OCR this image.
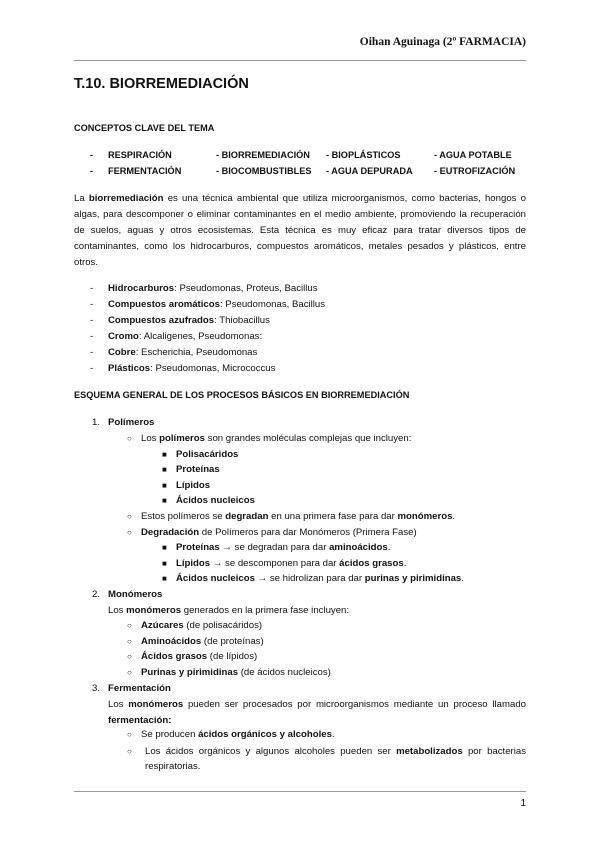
Oihan Aguinaga (2º FARMACIA)
T.10. BIORREMEDIACIÓN
CONCEPTOS CLAVE DEL TEMA
- RESPIRACIÓN	- BIORREMEDIACIÓN - BIOPLÁSTICOS	- AGUA POTABLE
- FERMENTACIÓN	- BIOCOMBUSTIBLES - AGUA DEPURADA - EUTROFIZACIÓN
La biorremediación es una técnica ambiental que utiliza microorganismos, como bacterias, hongos o algas, para descomponer o eliminar contaminantes en el medio ambiente, promoviendo la recuperación de suelos, aguas y otros ecosistemas. Esta técnica es muy eficaz para tratar diversos tipos de contaminantes, como los hidrocarburos, compuestos aromáticos, metales pesados y plásticos, entre otros.
- Hidrocarburos: Pseudomonas, Proteus, Bacillus
- Compuestos aromáticos: Pseudomonas, Bacillus
- Compuestos azufrados: Thiobacillus
- Cromo: Alcaligenes, Pseudomonas:
- Cobre: Escherichia, Pseudomonas
- Plásticos: Pseudomonas, Micrococcus
ESQUEMA GENERAL DE LOS PROCESOS BÁSICOS EN BIORREMEDIACIÓN
1. Polímeros
○ Los polímeros son grandes moléculas complejas que incluyen:
■ Polisacáridos
■ Proteínas
■ Lípidos
■ Ácidos nucleicos
○ Estos polímeros se degradan en una primera fase para dar monómeros.
○ Degradación de Polímeros para dar Monómeros (Primera Fase)
■ Proteínas → se degradan para dar aminoácidos.
■ Lípidos → se descomponen para dar ácidos grasos.
■ Ácidos nucleicos → se hidrolizan para dar purinas y pirimidinas.
2. Monómeros
Los monómeros generados en la primera fase incluyen:
○ Azúcares (de polisacáridos)
○ Aminoácidos (de proteínas)
○ Ácidos grasos (de lípidos)
○ Purinas y pirimidinas (de ácidos nucleicos)
3. Fermentación
Los monómeros pueden ser procesados por microorganismos mediante un proceso llamado fermentación:
○ Se producen ácidos orgánicos y alcoholes.
○	Los ácidos orgánicos y algunos alcoholes pueden ser metabolizados por bacterias respiratorias.
1
